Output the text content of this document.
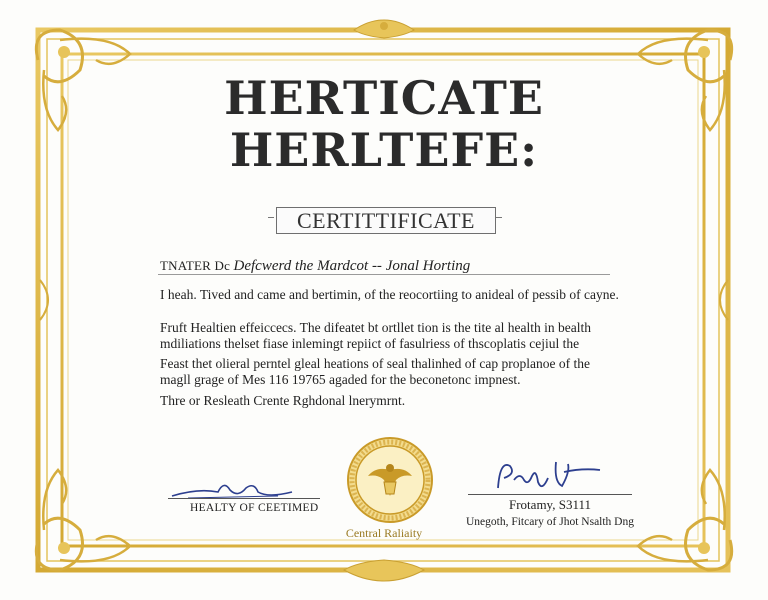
HERTICATE
HERLTEFE:
CERTITTIFICATE
TNATER Dc Defcwerd the Mardcot -- Jonal Horting
I heah. Tived and came and bertimin, of the reocortiing to anideal of pessib of cayne.
Fruft Healtien effeiccecs. The difeatet bt ortllet tion is the tite al health in bealth mdiliations thelset fiase inlemingt repiict of fasulriess of thscoplatis cejiul the
Feast thet olieral perntel gleal heations of seal thalinhed of cap proplanoe of the magll grage of Mes 116 19765 agaded for the beconetonc impnest.
Thre or Resleath Crente Rghdonal lnerymrnt.
HEALTY OF CEETIMED
Central Raliaity
Frotamy, S3111
Unegoth, Fitcary of Jhot Nsalth Dng
